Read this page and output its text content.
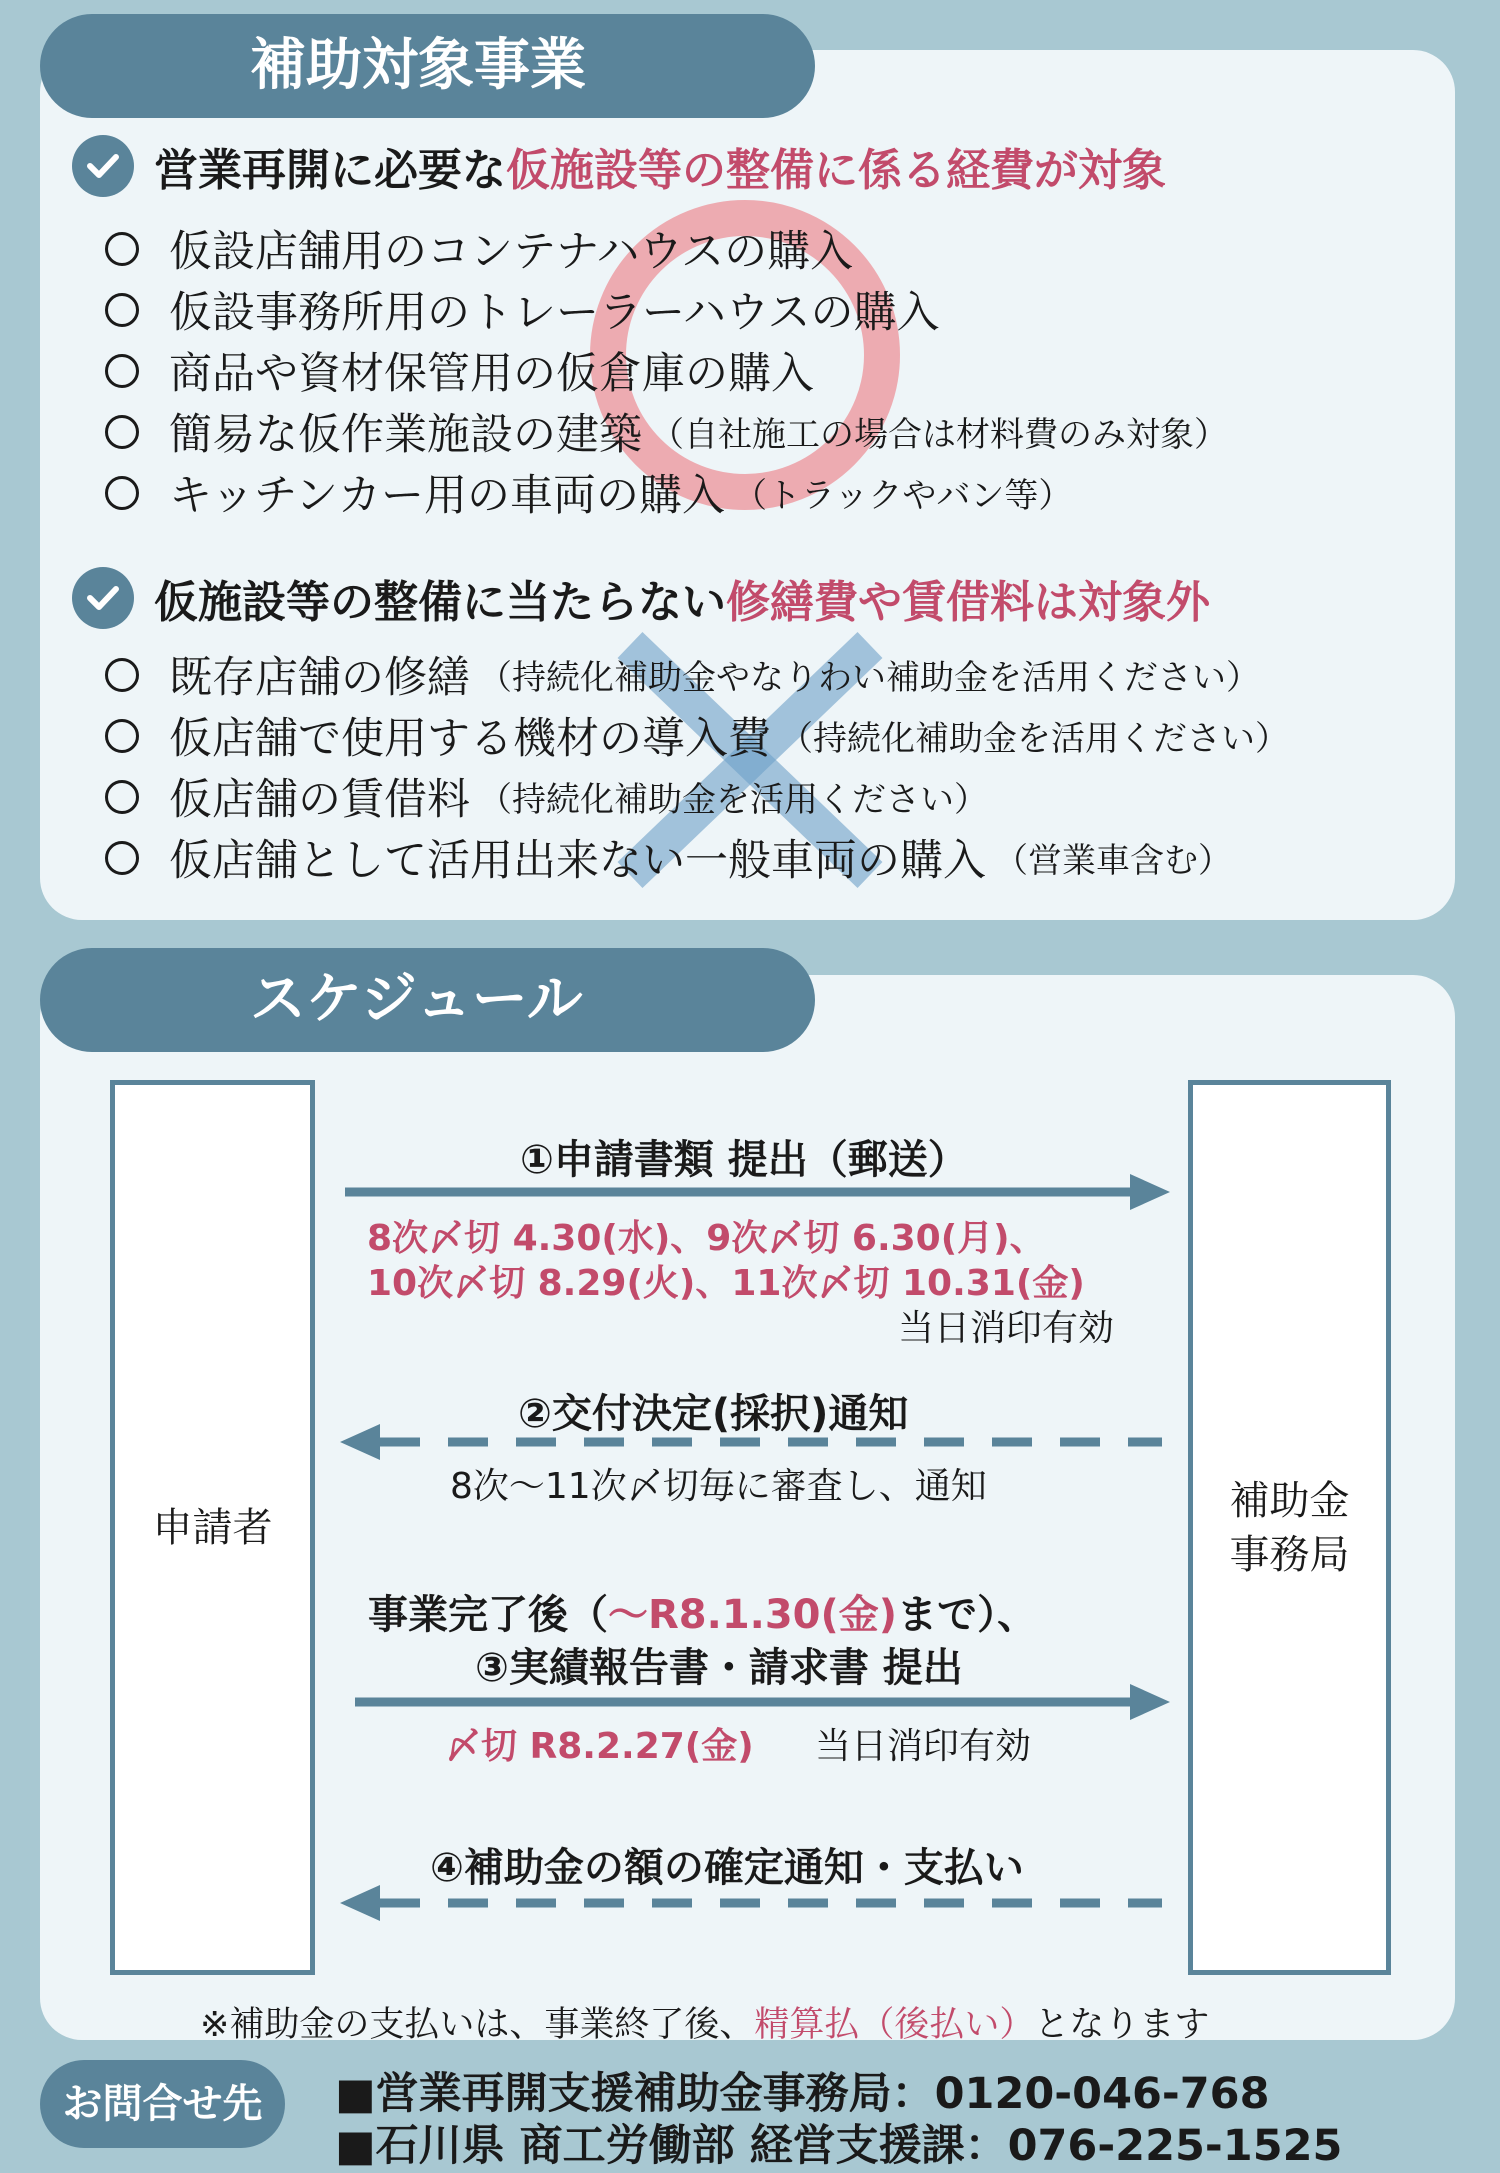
補助対象事業
営業再開に必要な 仮施設等の整備に係る経費が対象
仮設店舗用のコンテナハウスの購入
仮設事務所用のトレーラーハウスの購入
商品や資材保管用の仮倉庫の購入
簡易な仮作業施設の建築 （自社施工の場合は材料費のみ対象）
キッチンカー用の車両の購入 （トラックやバン等）
仮施設等の整備に当たらない 修繕費や賃借料は対象外
既存店舗の修繕 （持続化補助金やなりわい補助金を活用ください）
仮店舗で使用する機材の導入費 （持続化補助金を活用ください）
仮店舗の賃借料 （持続化補助金を活用ください）
仮店舗として活用出来ない一般車両の購入 （営業車含む）
スケジュール
申請者
補助金
事務局
①申請書類 提出（郵送）
8次〆切 4.30(水)、9次〆切 6.30(月)、
10次〆切 8.29(火)、11次〆切 10.31(金)
当日消印有効
②交付決定(採択)通知
8次～11次〆切毎に審査し、通知
事業完了後（～R8.1.30(金)まで）、
③実績報告書・請求書 提出
〆切 R8.2.27(金) 当日消印有効
④補助金の額の確定通知・支払い
※補助金の支払いは、事業終了後、精算払（後払い）となります
お問合せ先	■営業再開支援補助金事務局：0120-046-768
■石川県 商工労働部 経営支援課：076-225-1525
